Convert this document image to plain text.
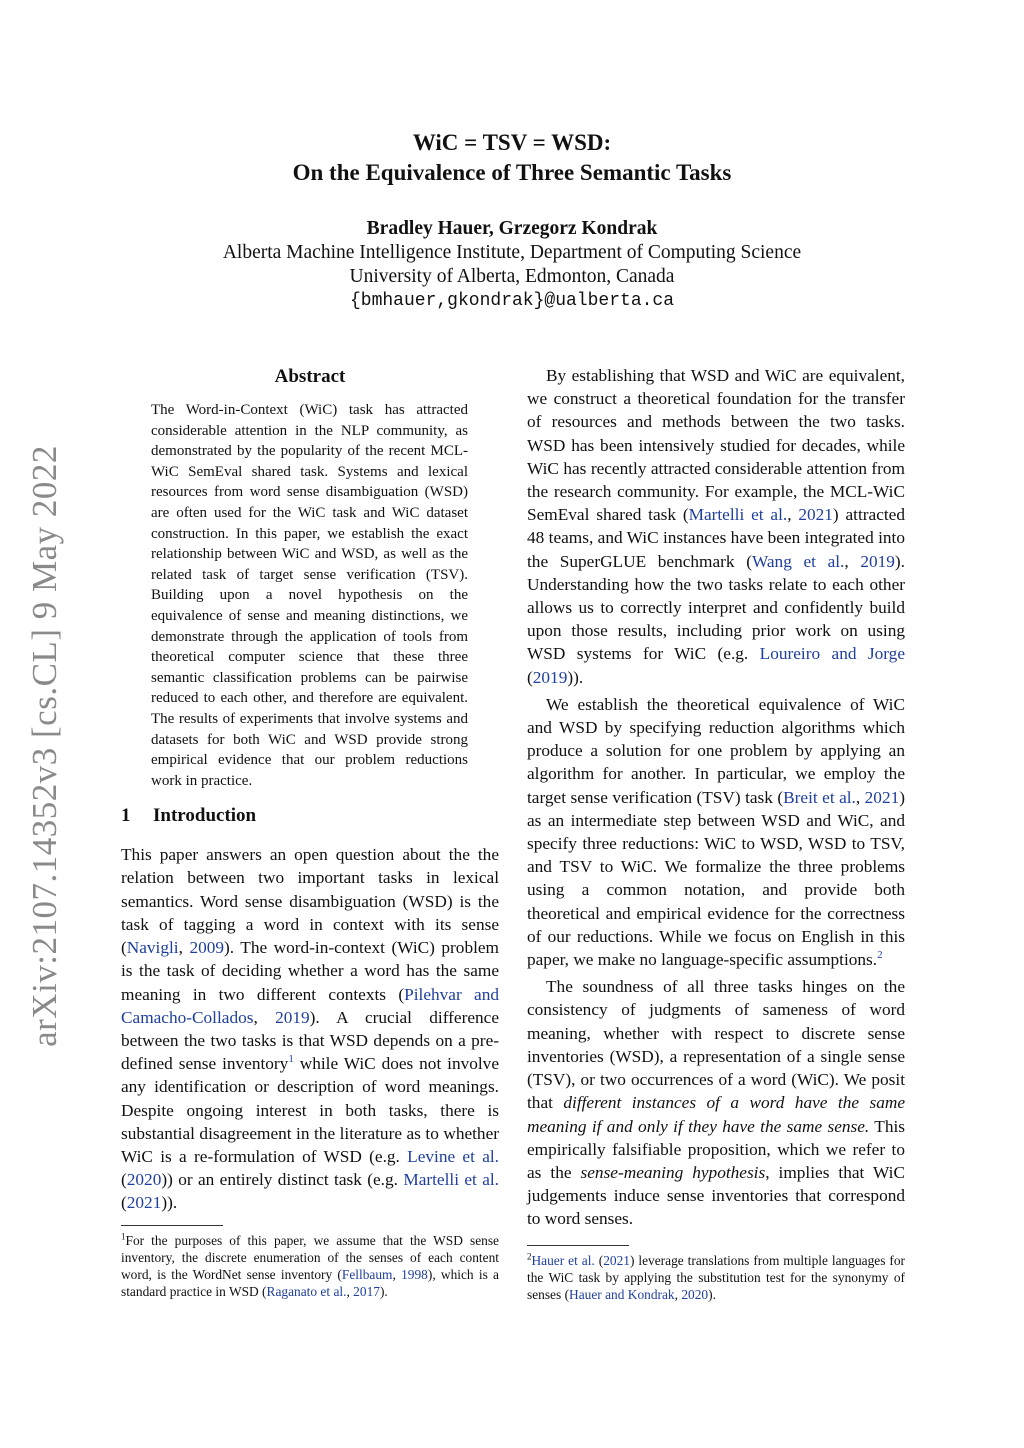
arXiv:2107.14352v3 [cs.CL] 9 May 2022
WiC = TSV = WSD:
On the Equivalence of Three Semantic Tasks
Bradley Hauer, Grzegorz Kondrak
Alberta Machine Intelligence Institute, Department of Computing Science
University of Alberta, Edmonton, Canada
{bmhauer,gkondrak}@ualberta.ca
Abstract

The Word-in-Context (WiC) task has attracted considerable attention in the NLP community, as demonstrated by the popularity of the recent MCL-WiC SemEval shared task. Systems and lexical resources from word sense disambiguation (WSD) are often used for the WiC task and WiC dataset construction. In this paper, we establish the exact relationship between WiC and WSD, as well as the related task of target sense verification (TSV). Building upon a novel hypothesis on the equivalence of sense and meaning distinctions, we demonstrate through the application of tools from theoretical computer science that these three semantic classification problems can be pairwise reduced to each other, and therefore are equivalent. The results of experiments that involve systems and datasets for both WiC and WSD provide strong empirical evidence that our problem reductions work in practice.

1 Introduction

This paper answers an open question about the the relation between two important tasks in lexical semantics. Word sense disambiguation (WSD) is the task of tagging a word in context with its sense (Navigli, 2009). The word-in-context (WiC) problem is the task of deciding whether a word has the same meaning in two different contexts (Pilehvar and Camacho-Collados, 2019). A crucial difference between the two tasks is that WSD depends on a pre-defined sense inventory$^1$ while WiC does not involve any identification or description of word meanings. Despite ongoing interest in both tasks, there is substantial disagreement in the literature as to whether WiC is a re-formulation of WSD (e.g. Levine et al. (2020)) or an entirely distinct task (e.g. Martelli et al. (2021)).

$^1$For the purposes of this paper, we assume that the WSD sense inventory, the discrete enumeration of the senses of each content word, is the WordNet sense inventory (Fellbaum, 1998), which is a standard practice in WSD (Raganato et al., 2017).

By establishing that WSD and WiC are equivalent, we construct a theoretical foundation for the transfer of resources and methods between the two tasks. WSD has been intensively studied for decades, while WiC has recently attracted considerable attention from the research community. For example, the MCL-WiC SemEval shared task (Martelli et al., 2021) attracted 48 teams, and WiC instances have been integrated into the SuperGLUE benchmark (Wang et al., 2019). Understanding how the two tasks relate to each other allows us to correctly interpret and confidently build upon those results, including prior work on using WSD systems for WiC (e.g. Loureiro and Jorge (2019)).

We establish the theoretical equivalence of WiC and WSD by specifying reduction algorithms which produce a solution for one problem by applying an algorithm for another. In particular, we employ the target sense verification (TSV) task (Breit et al., 2021) as an intermediate step between WSD and WiC, and specify three reductions: WiC to WSD, WSD to TSV, and TSV to WiC. We formalize the three problems using a common notation, and provide both theoretical and empirical evidence for the correctness of our reductions. While we focus on English in this paper, we make no language-specific assumptions.$^2$

The soundness of all three tasks hinges on the consistency of judgments of sameness of word meaning, whether with respect to discrete sense inventories (WSD), a representation of a single sense (TSV), or two occurrences of a word (WiC). We posit that different instances of a word have the same meaning if and only if they have the same sense. This empirically falsifiable proposition, which we refer to as the sense-meaning hypothesis, implies that WiC judgements induce sense inventories that correspond to word senses.

$^2$Hauer et al. (2021) leverage translations from multiple languages for the WiC task by applying the substitution test for the synonymy of senses (Hauer and Kondrak, 2020).
